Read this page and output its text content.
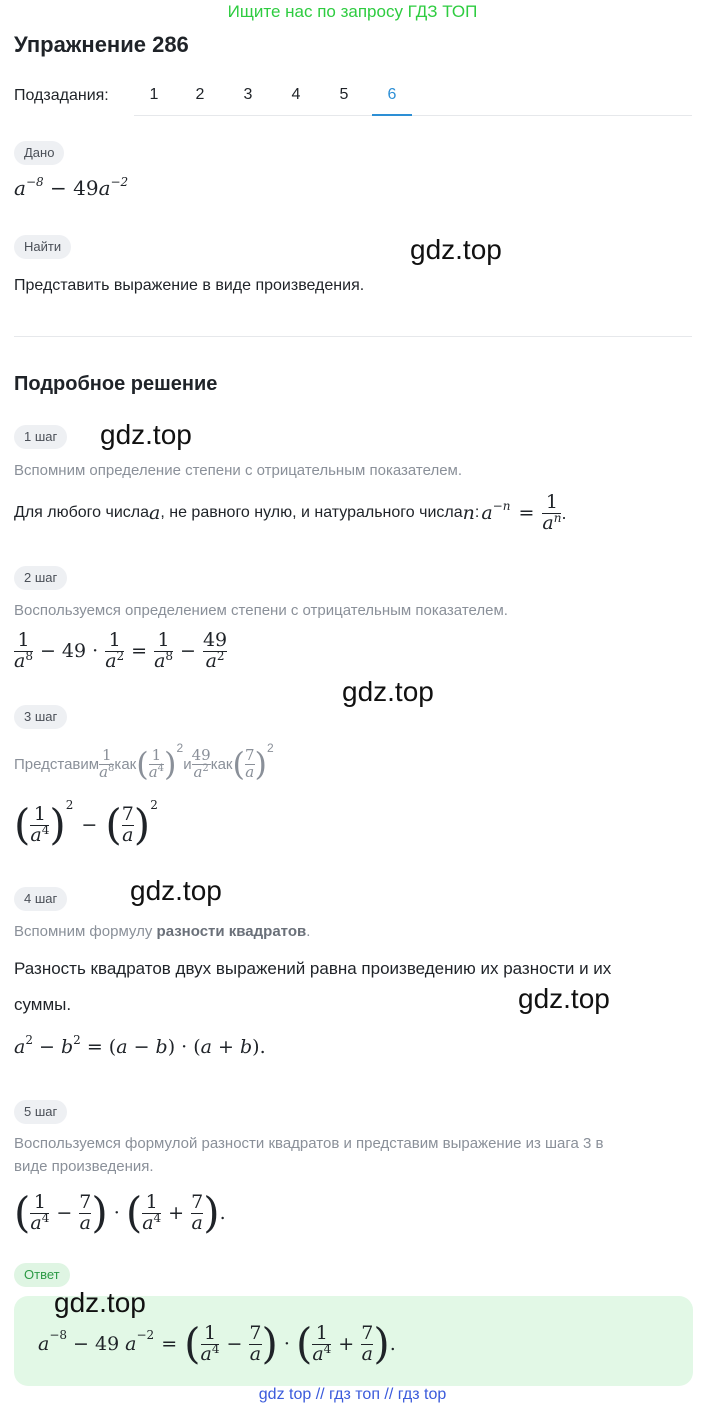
Ищите нас по запросу ГДЗ ТОП
Упражнение 286
Подзадания:	1	2	3	4	5	6
Дано
$a^{-8} - 49a^{-2}$
Найти
Представить выражение в виде произведения.
gdz.top
Подробное решение
1 шаг	gdz.top
Вспомним определение степени с отрицательным показателем.
Для любого числа a , не равного нулю, и натурального числа n : $a^{-n} = \frac{1}{a^n}$ .
2 шаг
Воспользуемся определением степени с отрицательным показателем.
$\frac{1}{a^8} - 49 \cdot \frac{1}{a^2} = \frac{1}{a^8} - \frac{49}{a^2}$
gdz.top
3 шаг
Представим $\frac{1}{a^8}$ как ( $\frac{1}{a^4}$ ) 2
и $\frac{49}{a^2}$ как ( $\frac{7}{a}$ ) 2
( $\frac{1}{a^4}$ ) 2
− ( $\frac{7}{a}$ ) 2
4 шаг	gdz.top
Вспомним формулу разности квадратов.
Разность квадратов двух выражений равна произведению их разности и их
суммы.	gdz.top
$a^2 - b^2 = (a - b) \cdot (a + b)$.
5 шаг
Воспользуемся формулой разности квадратов и представим выражение из шага 3 в
виде произведения.
( $\frac{1}{a^4} - \frac{7}{a}$ ) · ( $\frac{1}{a^4} + \frac{7}{a}$ ) .
Ответ
a −8 − 49 a −2 = ( $\frac{1}{a^4} - \frac{7}{a}$ ) · ( $\frac{1}{a^4} + \frac{7}{a}$ ) .
gdz.top
gdz top // гдз топ // гдз top
